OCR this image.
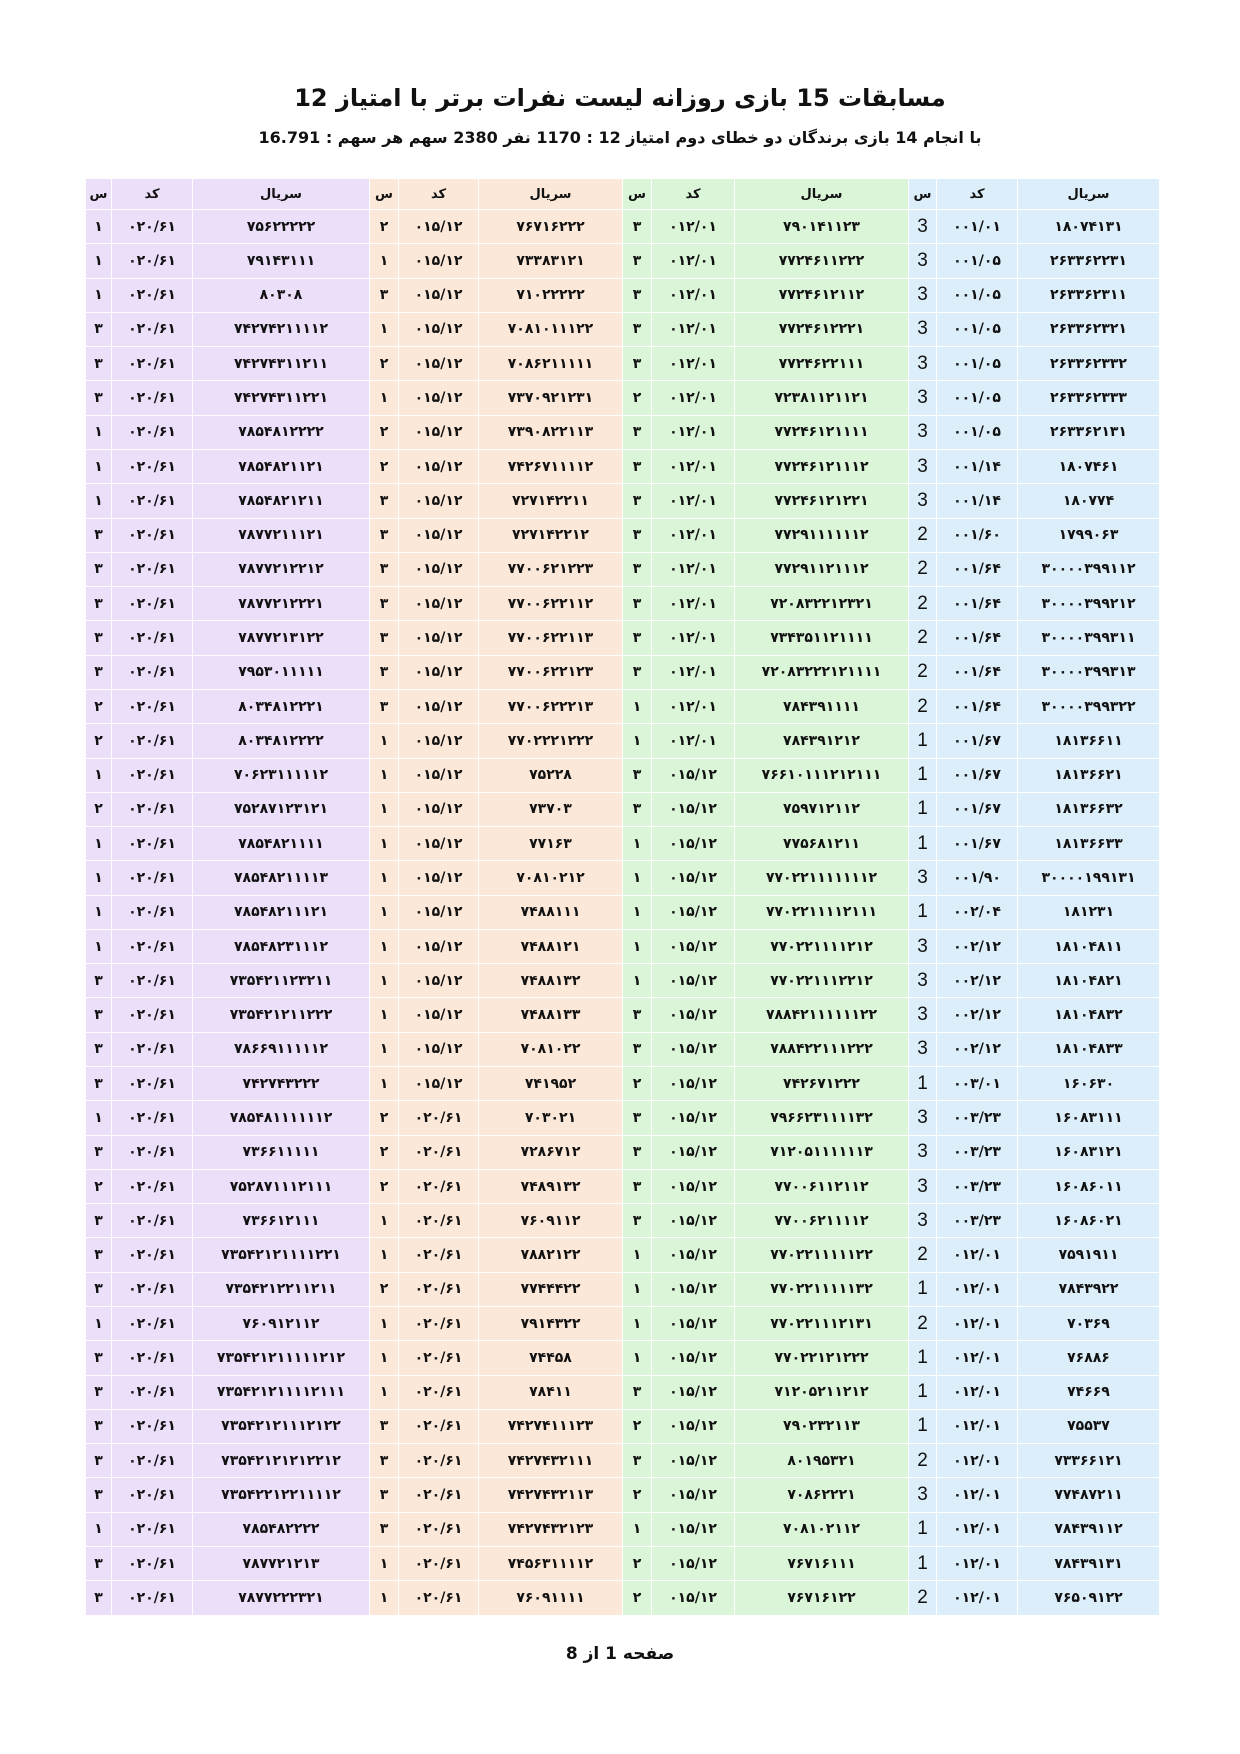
مسابقات 15 بازی روزانه لیست نفرات برتر با امتیاز 12
با انجام 14 بازی برندگان دو خطای دوم امتیاز 12 : 1170 نفر 2380 سهم هر سهم : 16.791
سریال	کد	س	سریال	کد	س	سریال	کد	س	سریال	کد	س
۱۸۰۷۴۱۳۱	۰۰۱/۰۱	3	۷۹۰۱۴۱۱۲۳	۰۱۲/۰۱	۳	۷۶۷۱۶۲۲۲	۰۱۵/۱۲	۲	۷۵۶۲۲۲۲۲	۰۲۰/۶۱	۱
۲۶۳۳۶۲۲۳۱	۰۰۱/۰۵	3	۷۷۲۴۶۱۱۲۲۲	۰۱۲/۰۱	۳	۷۳۳۸۳۱۲۱	۰۱۵/۱۲	۱	۷۹۱۴۳۱۱۱	۰۲۰/۶۱	۱
۲۶۳۳۶۲۳۱۱	۰۰۱/۰۵	3	۷۷۲۴۶۱۲۱۱۲	۰۱۲/۰۱	۳	۷۱۰۲۲۲۲۲	۰۱۵/۱۲	۳	۸۰۳۰۸	۰۲۰/۶۱	۱
۲۶۳۳۶۲۳۲۱	۰۰۱/۰۵	3	۷۷۲۴۶۱۲۲۲۱	۰۱۲/۰۱	۳	۷۰۸۱۰۱۱۱۲۲	۰۱۵/۱۲	۱	۷۴۲۷۴۲۱۱۱۱۲	۰۲۰/۶۱	۳
۲۶۳۳۶۲۳۳۲	۰۰۱/۰۵	3	۷۷۲۴۶۲۲۱۱۱	۰۱۲/۰۱	۳	۷۰۸۶۲۱۱۱۱۱	۰۱۵/۱۲	۲	۷۴۲۷۴۳۱۱۲۱۱	۰۲۰/۶۱	۳
۲۶۳۳۶۲۳۳۳	۰۰۱/۰۵	3	۷۲۳۸۱۱۲۱۱۲۱	۰۱۲/۰۱	۲	۷۳۷۰۹۲۱۲۳۱	۰۱۵/۱۲	۱	۷۴۲۷۴۳۱۱۲۲۱	۰۲۰/۶۱	۳
۲۶۳۳۶۲۱۳۱	۰۰۱/۰۵	3	۷۷۲۴۶۱۲۱۱۱۱	۰۱۲/۰۱	۳	۷۳۹۰۸۲۲۱۱۳	۰۱۵/۱۲	۲	۷۸۵۴۸۱۲۲۲۲	۰۲۰/۶۱	۱
۱۸۰۷۴۶۱	۰۰۱/۱۴	3	۷۷۲۴۶۱۲۱۱۱۲	۰۱۲/۰۱	۳	۷۴۲۶۷۱۱۱۱۲	۰۱۵/۱۲	۲	۷۸۵۴۸۲۱۱۲۱	۰۲۰/۶۱	۱
۱۸۰۷۷۴	۰۰۱/۱۴	3	۷۷۲۴۶۱۲۱۲۲۱	۰۱۲/۰۱	۳	۷۲۷۱۴۲۲۱۱	۰۱۵/۱۲	۳	۷۸۵۴۸۲۱۲۱۱	۰۲۰/۶۱	۱
۱۷۹۹۰۶۳	۰۰۱/۶۰	2	۷۷۲۹۱۱۱۱۱۱۲	۰۱۲/۰۱	۳	۷۲۷۱۴۲۲۱۲	۰۱۵/۱۲	۳	۷۸۷۷۲۱۱۱۲۱	۰۲۰/۶۱	۳
۳۰۰۰۰۳۹۹۱۱۲	۰۰۱/۶۴	2	۷۷۲۹۱۱۲۱۱۱۲	۰۱۲/۰۱	۳	۷۷۰۰۶۲۱۲۲۳	۰۱۵/۱۲	۳	۷۸۷۷۲۱۲۲۱۲	۰۲۰/۶۱	۳
۳۰۰۰۰۳۹۹۲۱۲	۰۰۱/۶۴	2	۷۲۰۸۳۲۲۱۲۳۲۱	۰۱۲/۰۱	۳	۷۷۰۰۶۲۲۱۱۲	۰۱۵/۱۲	۳	۷۸۷۷۲۱۲۲۲۱	۰۲۰/۶۱	۳
۳۰۰۰۰۳۹۹۳۱۱	۰۰۱/۶۴	2	۷۳۴۳۵۱۱۲۱۱۱۱	۰۱۲/۰۱	۳	۷۷۰۰۶۲۲۱۱۳	۰۱۵/۱۲	۳	۷۸۷۷۲۱۳۱۲۲	۰۲۰/۶۱	۳
۳۰۰۰۰۳۹۹۳۱۳	۰۰۱/۶۴	2	۷۲۰۸۳۲۲۲۱۲۱۱۱۱	۰۱۲/۰۱	۳	۷۷۰۰۶۲۲۱۲۳	۰۱۵/۱۲	۳	۷۹۵۳۰۱۱۱۱۱	۰۲۰/۶۱	۳
۳۰۰۰۰۳۹۹۳۲۲	۰۰۱/۶۴	2	۷۸۴۳۹۱۱۱۱	۰۱۲/۰۱	۱	۷۷۰۰۶۲۲۲۱۳	۰۱۵/۱۲	۳	۸۰۳۴۸۱۲۲۲۱	۰۲۰/۶۱	۲
۱۸۱۳۶۶۱۱	۰۰۱/۶۷	1	۷۸۴۳۹۱۲۱۲	۰۱۲/۰۱	۱	۷۷۰۲۲۲۱۲۲۲	۰۱۵/۱۲	۱	۸۰۳۴۸۱۲۲۲۲	۰۲۰/۶۱	۲
۱۸۱۳۶۶۲۱	۰۰۱/۶۷	1	۷۶۶۱۰۱۱۱۲۱۲۱۱۱	۰۱۵/۱۲	۳	۷۵۲۲۸	۰۱۵/۱۲	۱	۷۰۶۲۳۱۱۱۱۱۲	۰۲۰/۶۱	۱
۱۸۱۳۶۶۳۲	۰۰۱/۶۷	1	۷۵۹۷۱۲۱۱۲	۰۱۵/۱۲	۳	۷۳۷۰۳	۰۱۵/۱۲	۱	۷۵۲۸۷۱۲۳۱۲۱	۰۲۰/۶۱	۲
۱۸۱۳۶۶۳۳	۰۰۱/۶۷	1	۷۷۵۶۸۱۲۱۱	۰۱۵/۱۲	۱	۷۷۱۶۳	۰۱۵/۱۲	۱	۷۸۵۴۸۲۱۱۱۱	۰۲۰/۶۱	۱
۳۰۰۰۰۱۹۹۱۳۱	۰۰۱/۹۰	3	۷۷۰۲۲۱۱۱۱۱۱۱۲	۰۱۵/۱۲	۱	۷۰۸۱۰۲۱۲	۰۱۵/۱۲	۱	۷۸۵۴۸۲۱۱۱۱۳	۰۲۰/۶۱	۱
۱۸۱۲۳۱	۰۰۲/۰۴	1	۷۷۰۲۲۱۱۱۱۲۱۱۱	۰۱۵/۱۲	۱	۷۴۸۸۱۱۱	۰۱۵/۱۲	۱	۷۸۵۴۸۲۱۱۱۲۱	۰۲۰/۶۱	۱
۱۸۱۰۴۸۱۱	۰۰۲/۱۲	3	۷۷۰۲۲۱۱۱۱۲۱۲	۰۱۵/۱۲	۱	۷۴۸۸۱۲۱	۰۱۵/۱۲	۱	۷۸۵۴۸۲۳۱۱۱۲	۰۲۰/۶۱	۱
۱۸۱۰۴۸۲۱	۰۰۲/۱۲	3	۷۷۰۲۲۱۱۱۲۲۱۲	۰۱۵/۱۲	۱	۷۴۸۸۱۳۲	۰۱۵/۱۲	۱	۷۳۵۴۲۱۱۲۳۲۱۱	۰۲۰/۶۱	۳
۱۸۱۰۴۸۳۲	۰۰۲/۱۲	3	۷۸۸۴۲۱۱۱۱۱۱۲۲	۰۱۵/۱۲	۳	۷۴۸۸۱۳۳	۰۱۵/۱۲	۱	۷۳۵۴۲۱۲۱۱۲۲۲	۰۲۰/۶۱	۳
۱۸۱۰۴۸۳۳	۰۰۲/۱۲	3	۷۸۸۴۲۲۱۱۱۲۲۲	۰۱۵/۱۲	۳	۷۰۸۱۰۲۲	۰۱۵/۱۲	۱	۷۸۶۶۹۱۱۱۱۱۲	۰۲۰/۶۱	۳
۱۶۰۶۳۰	۰۰۳/۰۱	1	۷۴۲۶۷۱۲۲۲	۰۱۵/۱۲	۲	۷۴۱۹۵۲	۰۱۵/۱۲	۱	۷۴۲۷۴۳۲۲۲	۰۲۰/۶۱	۳
۱۶۰۸۳۱۱۱	۰۰۳/۲۳	3	۷۹۶۶۲۳۱۱۱۱۳۲	۰۱۵/۱۲	۳	۷۰۳۰۲۱	۰۲۰/۶۱	۲	۷۸۵۴۸۱۱۱۱۱۱۲	۰۲۰/۶۱	۱
۱۶۰۸۳۱۲۱	۰۰۳/۲۳	3	۷۱۲۰۵۱۱۱۱۱۱۳	۰۱۵/۱۲	۳	۷۲۸۶۷۱۲	۰۲۰/۶۱	۲	۷۳۶۶۱۱۱۱۱	۰۲۰/۶۱	۳
۱۶۰۸۶۰۱۱	۰۰۳/۲۳	3	۷۷۰۰۶۱۱۲۱۱۲	۰۱۵/۱۲	۳	۷۴۸۹۱۳۲	۰۲۰/۶۱	۲	۷۵۲۸۷۱۱۱۲۱۱۱	۰۲۰/۶۱	۲
۱۶۰۸۶۰۲۱	۰۰۳/۲۳	3	۷۷۰۰۶۲۱۱۱۱۲	۰۱۵/۱۲	۳	۷۶۰۹۱۱۲	۰۲۰/۶۱	۱	۷۳۶۶۱۲۱۱۱	۰۲۰/۶۱	۳
۷۵۹۱۹۱۱	۰۱۲/۰۱	2	۷۷۰۲۲۱۱۱۱۱۲۲	۰۱۵/۱۲	۱	۷۸۸۲۱۲۲	۰۲۰/۶۱	۱	۷۳۵۴۲۱۲۱۱۱۱۲۲۱	۰۲۰/۶۱	۳
۷۸۴۳۹۲۲	۰۱۲/۰۱	1	۷۷۰۲۲۱۱۱۱۱۳۲	۰۱۵/۱۲	۱	۷۷۴۴۴۲۲	۰۲۰/۶۱	۲	۷۳۵۴۲۱۲۲۱۱۲۱۱	۰۲۰/۶۱	۳
۷۰۳۶۹	۰۱۲/۰۱	2	۷۷۰۲۲۱۱۱۲۱۳۱	۰۱۵/۱۲	۱	۷۹۱۴۳۲۲	۰۲۰/۶۱	۱	۷۶۰۹۱۲۱۱۲	۰۲۰/۶۱	۱
۷۶۸۸۶	۰۱۲/۰۱	1	۷۷۰۲۲۱۲۱۲۲۲	۰۱۵/۱۲	۱	۷۴۴۵۸	۰۲۰/۶۱	۱	۷۳۵۴۲۱۲۱۱۱۱۱۲۱۲	۰۲۰/۶۱	۳
۷۴۶۶۹	۰۱۲/۰۱	1	۷۱۲۰۵۲۱۱۲۱۲	۰۱۵/۱۲	۳	۷۸۴۱۱	۰۲۰/۶۱	۱	۷۳۵۴۲۱۲۱۱۱۱۲۱۱۱	۰۲۰/۶۱	۳
۷۵۵۳۷	۰۱۲/۰۱	1	۷۹۰۲۳۲۱۱۳	۰۱۵/۱۲	۲	۷۴۲۷۴۱۱۱۲۳	۰۲۰/۶۱	۳	۷۳۵۴۲۱۲۱۱۱۲۱۲۲	۰۲۰/۶۱	۳
۷۳۳۶۶۱۲۱	۰۱۲/۰۱	2	۸۰۱۹۵۳۲۱	۰۱۵/۱۲	۳	۷۴۲۷۴۳۲۱۱۱	۰۲۰/۶۱	۳	۷۳۵۴۲۱۲۱۲۱۲۲۱۲	۰۲۰/۶۱	۳
۷۷۴۸۷۲۱۱	۰۱۲/۰۱	3	۷۰۸۶۲۲۲۱	۰۱۵/۱۲	۲	۷۴۲۷۴۳۲۱۱۳	۰۲۰/۶۱	۳	۷۳۵۴۲۲۱۲۲۱۱۱۱۲	۰۲۰/۶۱	۳
۷۸۴۳۹۱۱۲	۰۱۲/۰۱	1	۷۰۸۱۰۲۱۱۲	۰۱۵/۱۲	۱	۷۴۲۷۴۳۲۱۲۳	۰۲۰/۶۱	۳	۷۸۵۴۸۲۲۲۲	۰۲۰/۶۱	۱
۷۸۴۳۹۱۳۱	۰۱۲/۰۱	1	۷۶۷۱۶۱۱۱	۰۱۵/۱۲	۲	۷۴۵۶۳۱۱۱۱۲	۰۲۰/۶۱	۱	۷۸۷۷۲۱۲۱۳	۰۲۰/۶۱	۳
۷۶۵۰۹۱۲۲	۰۱۲/۰۱	2	۷۶۷۱۶۱۲۲	۰۱۵/۱۲	۲	۷۶۰۹۱۱۱۱	۰۲۰/۶۱	۱	۷۸۷۷۲۲۲۳۲۱	۰۲۰/۶۱	۳
صفحه 1 از 8
